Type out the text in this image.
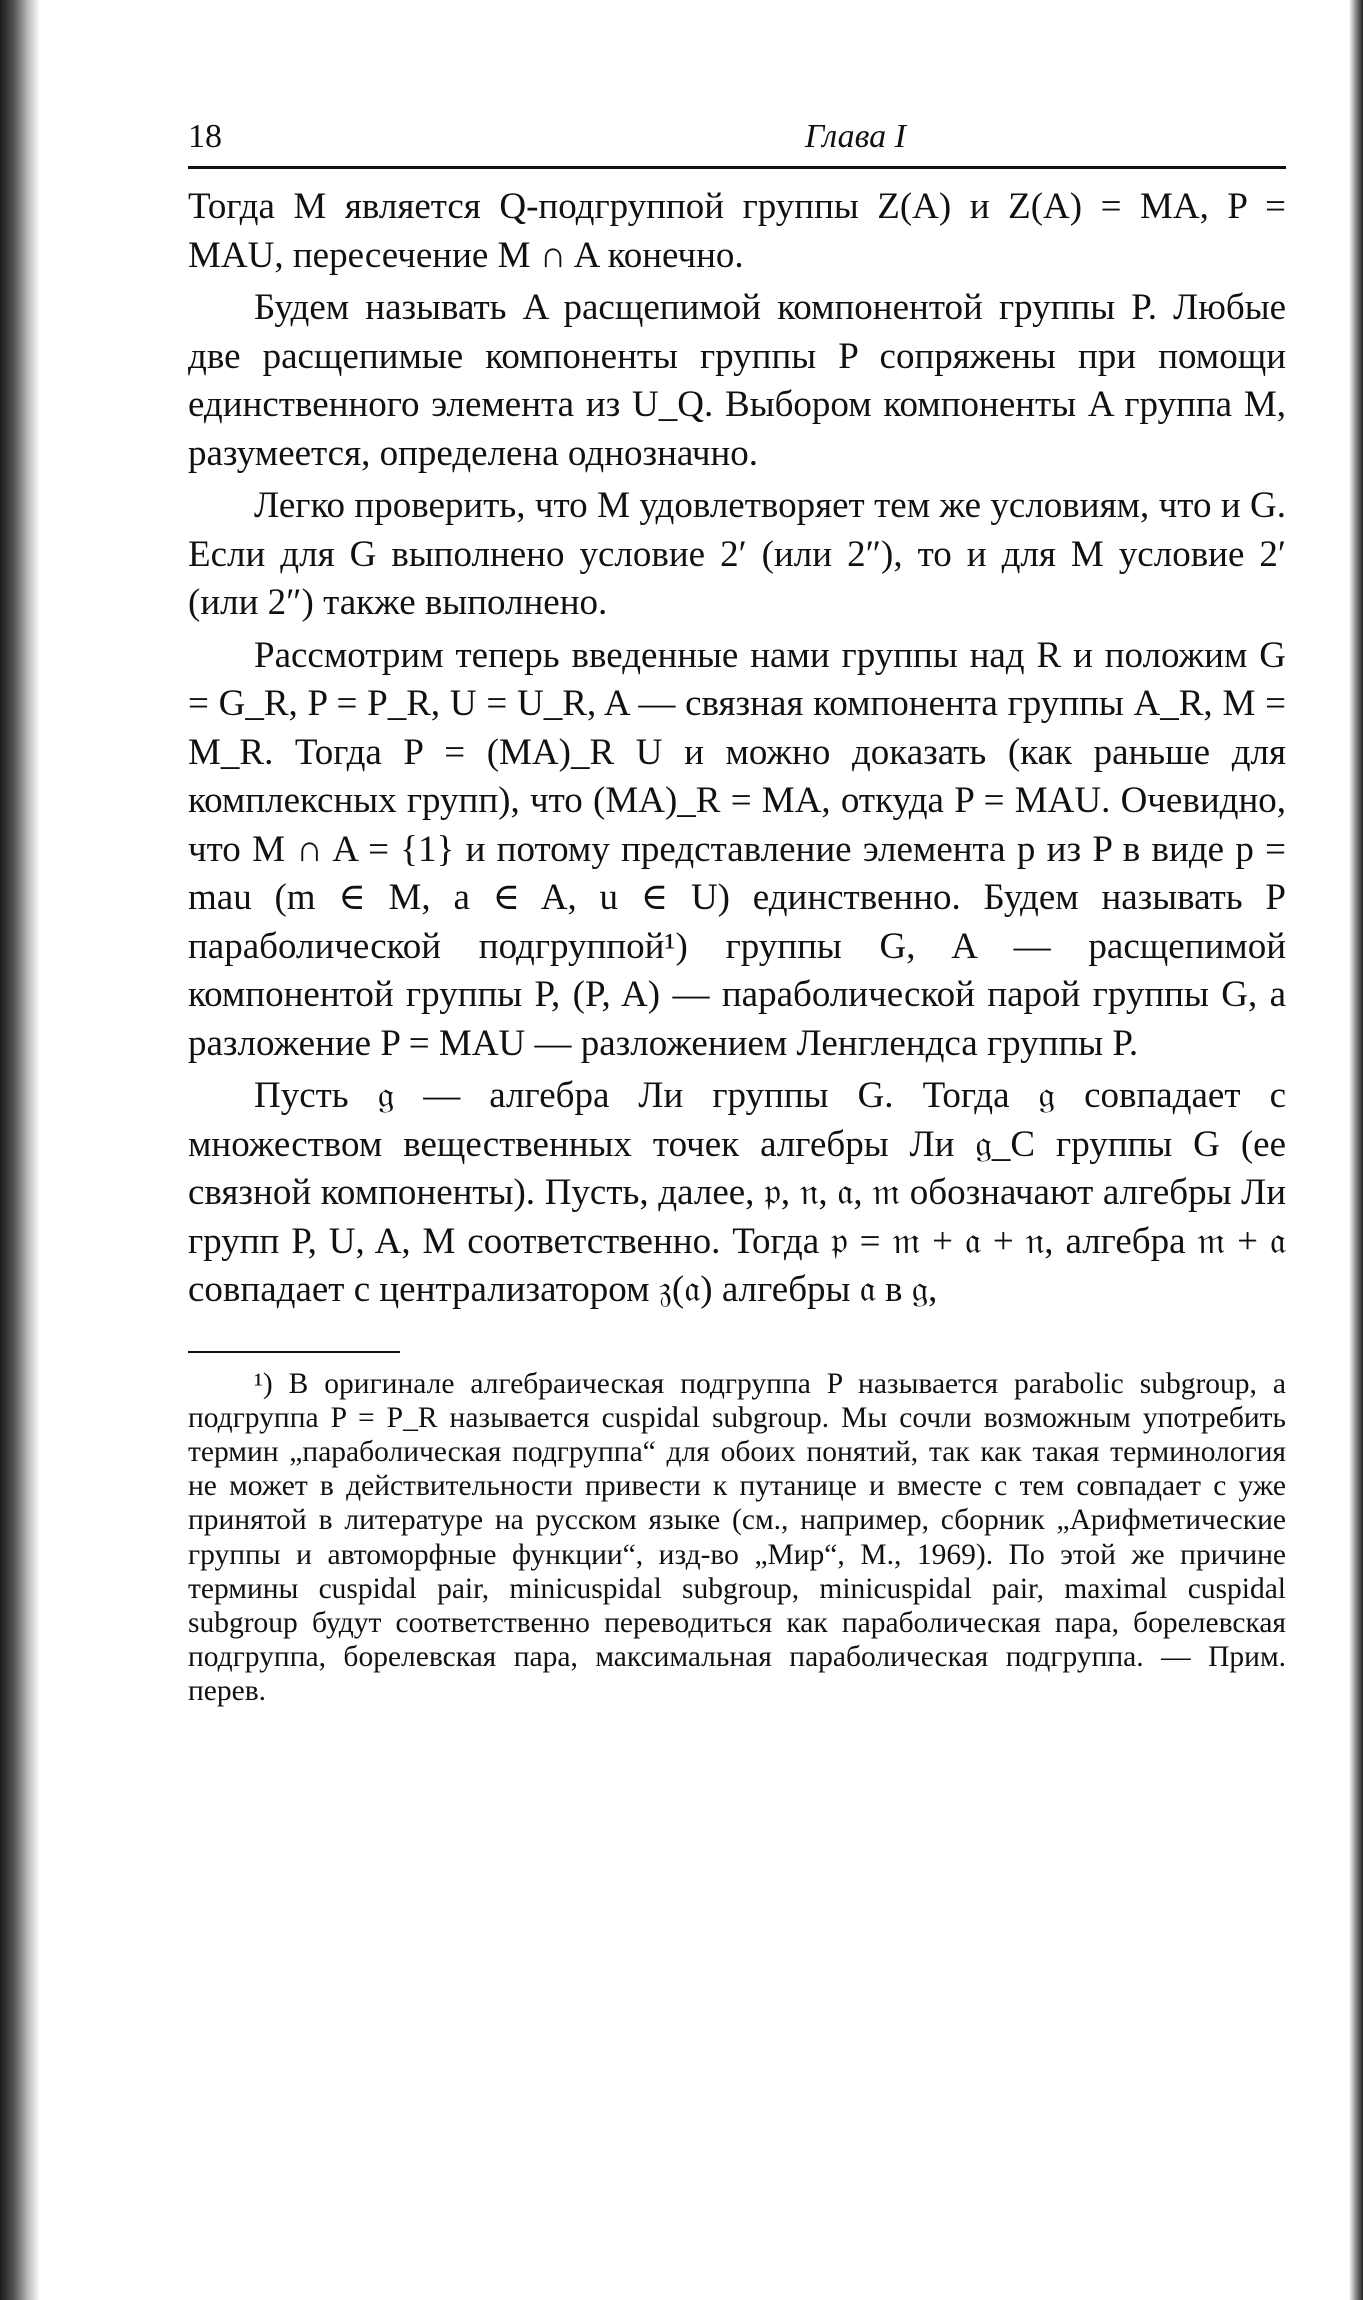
18	Глава I

Тогда M является Q-подгруппой группы Z(A) и Z(A) = MA, P = MAU, пересечение M ∩ A конечно.

Будем называть A расщепимой компонентой группы P. Любые две расщепимые компоненты группы P сопряжены при помощи единственного элемента из U_Q. Выбором компоненты A группа M, разумеется, определена однозначно.

Легко проверить, что M удовлетворяет тем же условиям, что и G. Если для G выполнено условие 2′ (или 2″), то и для M условие 2′ (или 2″) также выполнено.

Рассмотрим теперь введенные нами группы над R и положим G = G_R, P = P_R, U = U_R, A — связная компонента группы A_R, M = M_R. Тогда P = (MA)_R U и можно доказать (как раньше для комплексных групп), что (MA)_R = MA, откуда P = MAU. Очевидно, что M ∩ A = {1} и потому представление элемента p из P в виде p = mau (m ∈ M, a ∈ A, u ∈ U) единственно. Будем называть P параболической подгруппой¹) группы G, A — расщепимой компонентой группы P, (P, A) — параболической парой группы G, а разложение P = MAU — разложением Ленглендса группы P.

Пусть 𝔤 — алгебра Ли группы G. Тогда 𝔤 совпадает с множеством вещественных точек алгебры Ли 𝔤_C группы G (ее связной компоненты). Пусть, далее, 𝔭, 𝔫, 𝔞, 𝔪 обозначают алгебры Ли групп P, U, A, M соответственно. Тогда 𝔭 = 𝔪 + 𝔞 + 𝔫, алгебра 𝔪 + 𝔞 совпадает с централизатором 𝔷(𝔞) алгебры 𝔞 в 𝔤,

¹) В оригинале алгебраическая подгруппа P называется parabolic subgroup, а подгруппа P = P_R называется cuspidal subgroup. Мы сочли возможным употребить термин „параболическая подгруппа“ для обоих понятий, так как такая терминология не может в действительности привести к путанице и вместе с тем совпадает с уже принятой в литературе на русском языке (см., например, сборник „Арифметические группы и автоморфные функции“, изд-во „Мир“, М., 1969). По этой же причине термины cuspidal pair, minicuspidal subgroup, minicuspidal pair, maximal cuspidal subgroup будут соответственно переводиться как параболическая пара, борелевская подгруппа, борелевская пара, максимальная параболическая подгруппа. — Прим. перев.
